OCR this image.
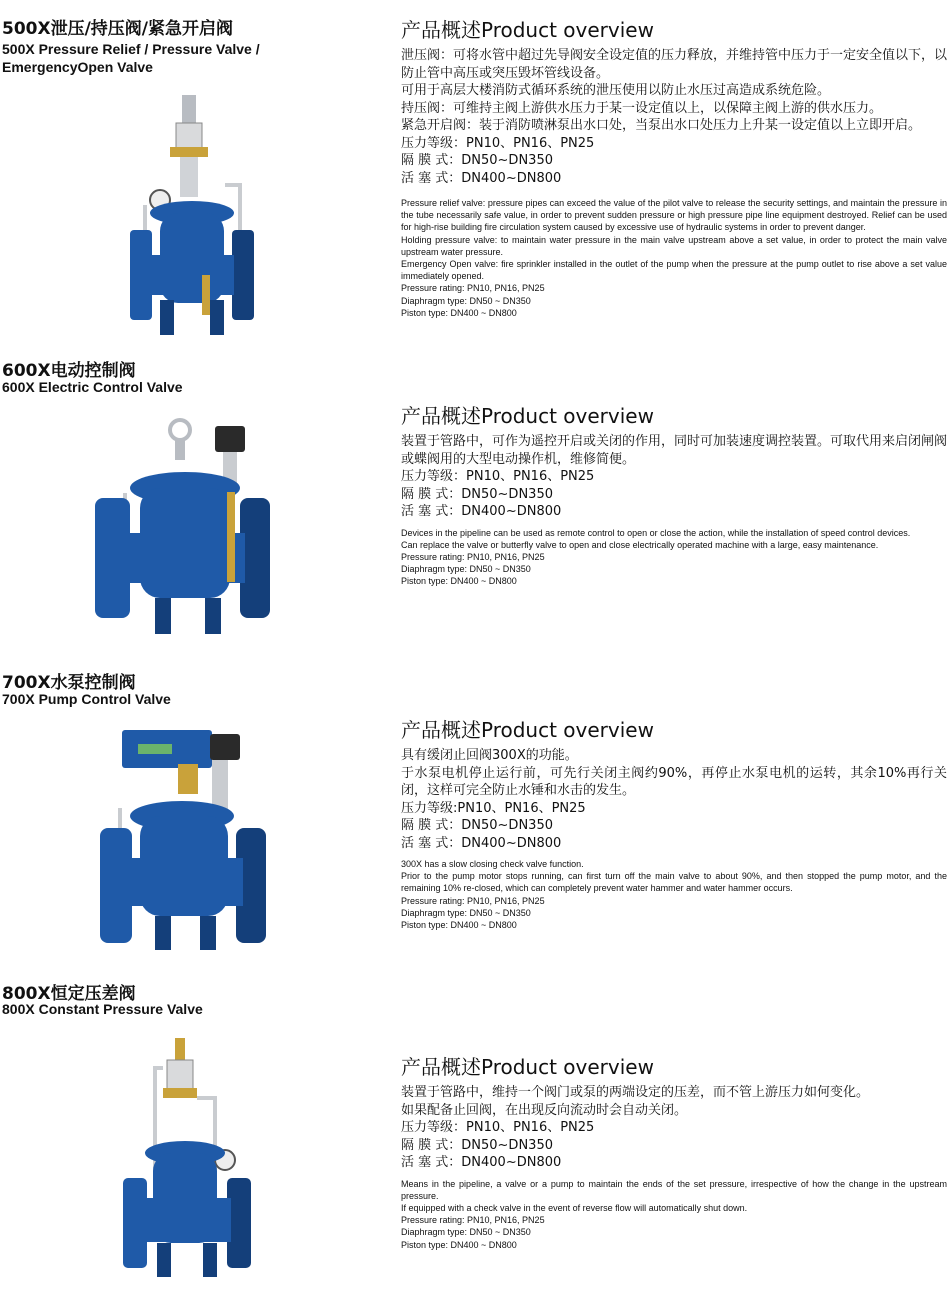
500X泄压/持压阀/紧急开启阀
500X Pressure Relief / Pressure Valve / EmergencyOpen Valve
产品概述Product overview

泄压阀：可将水管中超过先导阀安全设定值的压力释放，并维持管中压力于一定安全值以下，以防止管中高压或突压毁坏管线设备。

可用于高层大楼消防式循环系统的泄压使用以防止水压过高造成系统危险。

持压阀：可维持主阀上游供水压力于某一设定值以上，以保障主阀上游的供水压力。

紧急开启阀：装于消防喷淋泵出水口处，当泵出水口处压力上升某一设定值以上立即开启。

压力等级：PN10、PN16、PN25

隔 膜 式：DN50~DN350

活 塞 式：DN400~DN800

Pressure relief valve: pressure pipes can exceed the value of the pilot valve to release the security settings, and maintain the pressure in the tube necessarily safe value, in order to prevent sudden pressure or high pressure pipe line equipment destroyed. Relief can be used for high-rise building fire circulation system caused by excessive use of hydraulic systems in order to prevent danger.

Holding pressure valve: to maintain water pressure in the main valve upstream above a set value, in order to protect the main valve upstream water pressure.

Emergency Open valve: fire sprinkler installed in the outlet of the pump when the pressure at the pump outlet to rise above a set value immediately opened.

Pressure rating: PN10, PN16, PN25

Diaphragm type: DN50 ~ DN350

Piston type: DN400 ~ DN800

600X电动控制阀
600X Electric Control Valve
产品概述Product overview

装置于管路中，可作为遥控开启或关闭的作用，同时可加装速度调控装置。可取代用来启闭闸阀或蝶阀用的大型电动操作机，维修简便。

压力等级：PN10、PN16、PN25

隔 膜 式：DN50~DN350

活 塞 式：DN400~DN800

Devices in the pipeline can be used as remote control to open or close the action, while the installation of speed control devices.

Can replace the valve or butterfly valve to open and close electrically operated machine with a large, easy maintenance.

Pressure rating: PN10, PN16, PN25

Diaphragm type: DN50 ~ DN350

Piston type: DN400 ~ DN800

700X水泵控制阀
700X Pump Control Valve
产品概述Product overview

具有缓闭止回阀300X的功能。

于水泵电机停止运行前，可先行关闭主阀约90%，再停止水泵电机的运转，其余10%再行关闭，这样可完全防止水锤和水击的发生。

压力等级:PN10、PN16、PN25

隔 膜 式：DN50~DN350

活 塞 式：DN400~DN800

300X has a slow closing check valve function.

Prior to the pump motor stops running, can first turn off the main valve to about 90%, and then stopped the pump motor, and the remaining 10% re-closed, which can completely prevent water hammer and water hammer occurs.

Pressure rating: PN10, PN16, PN25

Diaphragm type: DN50 ~ DN350

Piston type: DN400 ~ DN800

800X恒定压差阀
800X Constant Pressure Valve
产品概述Product overview

装置于管路中，维持一个阀门或泵的两端设定的压差，而不管上游压力如何变化。

如果配备止回阀，在出现反向流动时会自动关闭。

压力等级：PN10、PN16、PN25

隔 膜 式：DN50~DN350

活 塞 式：DN400~DN800

Means in the pipeline, a valve or a pump to maintain the ends of the set pressure, irrespective of how the change in the upstream pressure.

If equipped with a check valve in the event of reverse flow will automatically shut down.

Pressure rating: PN10, PN16, PN25

Diaphragm type: DN50 ~ DN350

Piston type: DN400 ~ DN800
